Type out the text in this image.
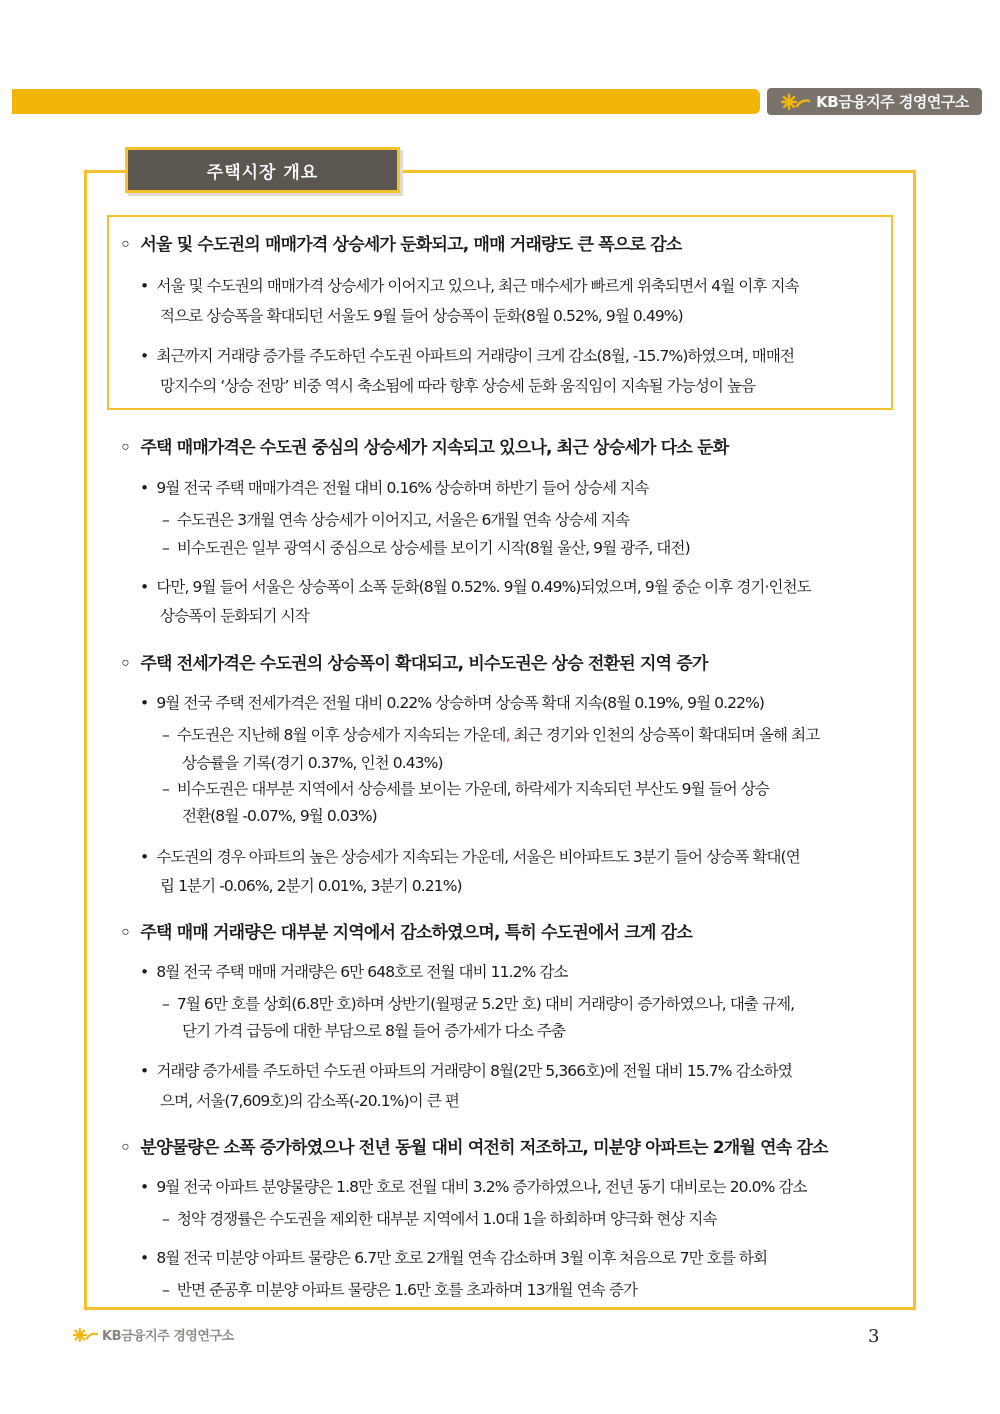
KB금융지주 경영연구소
주택시장 개요
◦ 서울 및 수도권의 매매가격 상승세가 둔화되고, 매매 거래량도 큰 폭으로 감소
• 서울 및 수도권의 매매가격 상승세가 이어지고 있으나, 최근 매수세가 빠르게 위축되면서 4월 이후 지속
적으로 상승폭을 확대되던 서울도 9월 들어 상승폭이 둔화(8월 0.52%, 9월 0.49%)
• 최근까지 거래량 증가를 주도하던 수도권 아파트의 거래량이 크게 감소(8월, -15.7%)하였으며, 매매전
망지수의 ‘상승 전망’ 비중 역시 축소됨에 따라 향후 상승세 둔화 움직임이 지속될 가능성이 높음
◦ 주택 매매가격은 수도권 중심의 상승세가 지속되고 있으나, 최근 상승세가 다소 둔화
• 9월 전국 주택 매매가격은 전월 대비 0.16% 상승하며 하반기 들어 상승세 지속
– 수도권은 3개월 연속 상승세가 이어지고, 서울은 6개월 연속 상승세 지속
– 비수도권은 일부 광역시 중심으로 상승세를 보이기 시작(8월 울산, 9월 광주, 대전)
• 다만, 9월 들어 서울은 상승폭이 소폭 둔화(8월 0.52%. 9월 0.49%)되었으며, 9월 중순 이후 경기·인천도
상승폭이 둔화되기 시작
◦ 주택 전세가격은 수도권의 상승폭이 확대되고, 비수도권은 상승 전환된 지역 증가
• 9월 전국 주택 전세가격은 전월 대비 0.22% 상승하며 상승폭 확대 지속(8월 0.19%, 9월 0.22%)
– 수도권은 지난해 8월 이후 상승세가 지속되는 가운데, 최근 경기와 인천의 상승폭이 확대되며 올해 최고
상승률을 기록(경기 0.37%, 인천 0.43%)
– 비수도권은 대부분 지역에서 상승세를 보이는 가운데, 하락세가 지속되던 부산도 9월 들어 상승
전환(8월 -0.07%, 9월 0.03%)
• 수도권의 경우 아파트의 높은 상승세가 지속되는 가운데, 서울은 비아파트도 3분기 들어 상승폭 확대(연
립 1분기 -0.06%, 2분기 0.01%, 3분기 0.21%)
◦ 주택 매매 거래량은 대부분 지역에서 감소하였으며, 특히 수도권에서 크게 감소
• 8월 전국 주택 매매 거래량은 6만 648호로 전월 대비 11.2% 감소
– 7월 6만 호를 상회(6.8만 호)하며 상반기(월평균 5.2만 호) 대비 거래량이 증가하였으나, 대출 규제,
단기 가격 급등에 대한 부담으로 8월 들어 증가세가 다소 주춤
• 거래량 증가세를 주도하던 수도권 아파트의 거래량이 8월(2만 5,366호)에 전월 대비 15.7% 감소하였
으며, 서울(7,609호)의 감소폭(-20.1%)이 큰 편
◦ 분양물량은 소폭 증가하였으나 전년 동월 대비 여전히 저조하고, 미분양 아파트는 2개월 연속 감소
• 9월 전국 아파트 분양물량은 1.8만 호로 전월 대비 3.2% 증가하였으나, 전년 동기 대비로는 20.0% 감소
– 청약 경쟁률은 수도권을 제외한 대부분 지역에서 1.0대 1을 하회하며 양극화 현상 지속
• 8월 전국 미분양 아파트 물량은 6.7만 호로 2개월 연속 감소하며 3월 이후 처음으로 7만 호를 하회
– 반면 준공후 미분양 아파트 물량은 1.6만 호를 초과하며 13개월 연속 증가
KB금융지주 경영연구소	3
